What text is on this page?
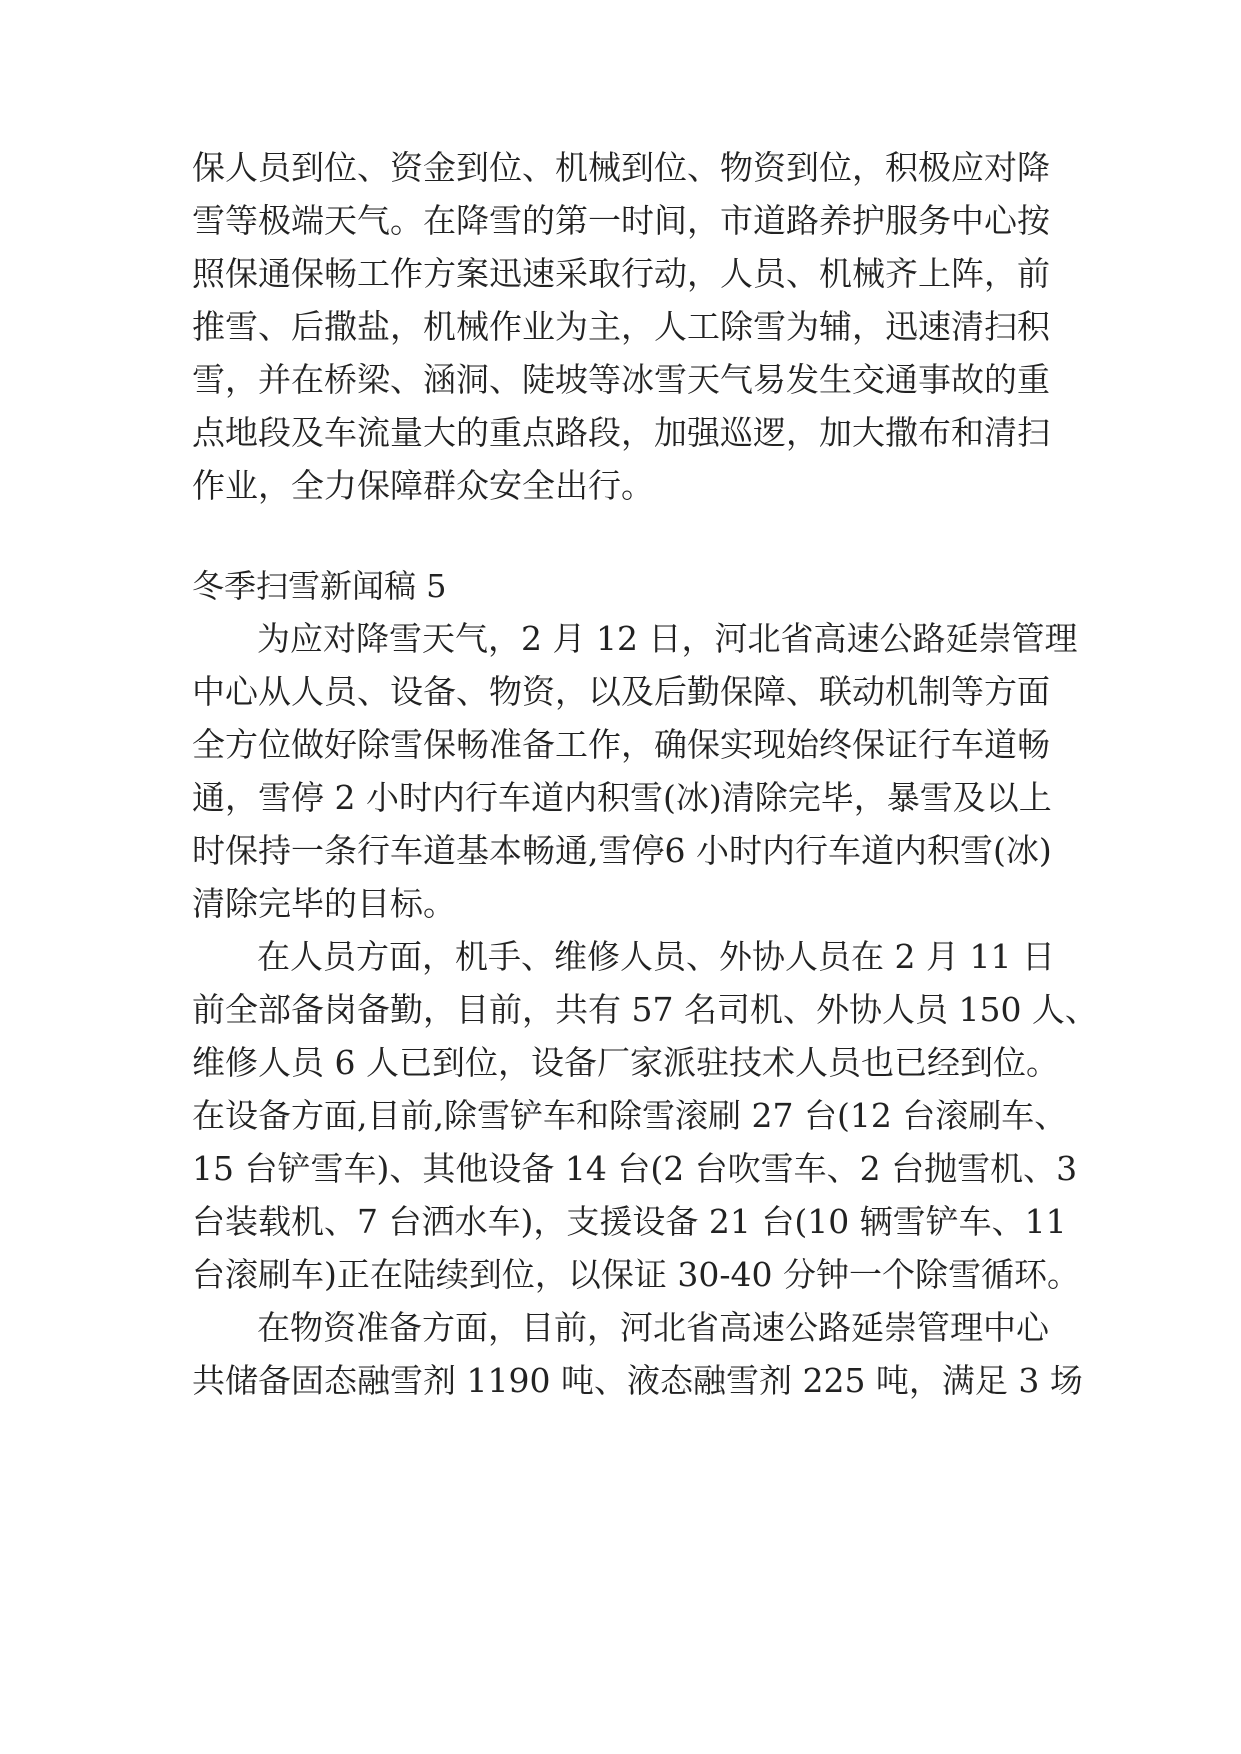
保人员到位、资金到位、机械到位、物资到位，积极应对降
雪等极端天气。在降雪的第一时间，市道路养护服务中心按
照保通保畅工作方案迅速采取行动，人员、机械齐上阵，前
推雪、后撒盐，机械作业为主，人工除雪为辅，迅速清扫积
雪，并在桥梁、涵洞、陡坡等冰雪天气易发生交通事故的重
点地段及车流量大的重点路段，加强巡逻，加大撒布和清扫
作业，全力保障群众安全出行。
冬季扫雪新闻稿 5
为应对降雪天气，2 月 12 日，河北省高速公路延崇管理
中心从人员、设备、物资，以及后勤保障、联动机制等方面
全方位做好除雪保畅准备工作，确保实现始终保证行车道畅
通，雪停 2 小时内行车道内积雪(冰)清除完毕，暴雪及以上
时保持一条行车道基本畅通,雪停6 小时内行车道内积雪(冰)
清除完毕的目标。
在人员方面，机手、维修人员、外协人员在 2 月 11 日
前全部备岗备勤，目前，共有 57 名司机、外协人员 150 人、
维修人员 6 人已到位，设备厂家派驻技术人员也已经到位。
在设备方面,目前,除雪铲车和除雪滚刷 27 台(12 台滚刷车、
15 台铲雪车)、其他设备 14 台(2 台吹雪车、2 台抛雪机、3
台装载机、7 台洒水车)，支援设备 21 台(10 辆雪铲车、11
台滚刷车)正在陆续到位，以保证 30-40 分钟一个除雪循环。
在物资准备方面，目前，河北省高速公路延崇管理中心
共储备固态融雪剂 1190 吨、液态融雪剂 225 吨，满足 3 场
